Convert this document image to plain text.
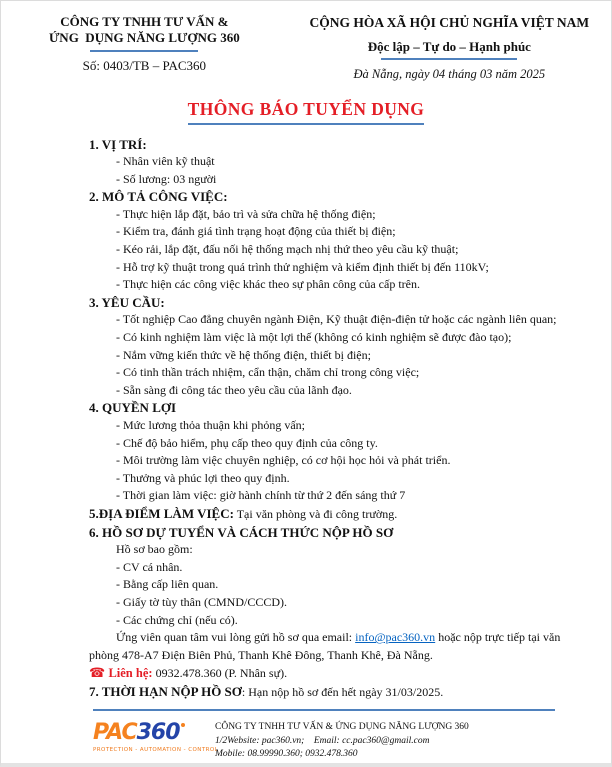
CÔNG TY TNHH TƯ VẤN &
ỨNG  DỤNG NĂNG LƯỢNG 360
Số: 0403/TB – PAC360
CỘNG HÒA XÃ HỘI CHỦ NGHĨA VIỆT NAM
Độc lập – Tự do – Hạnh phúc
Đà Nẵng, ngày 04 tháng 03 năm 2025
THÔNG BÁO TUYỂN DỤNG
1. VỊ TRÍ:
- Nhân viên kỹ thuật
- Số lương: 03 người
2. MÔ TẢ CÔNG VIỆC:
- Thực hiện lắp đặt, bảo trì và sửa chữa hệ thống điện;
- Kiểm tra, đánh giá tình trạng hoạt động của thiết bị điện;
- Kéo rải, lắp đặt, đấu nối hệ thống mạch nhị thứ theo yêu cầu kỹ thuật;
- Hỗ trợ kỹ thuật trong quá trình thử nghiệm và kiểm định thiết bị đến 110kV;
- Thực hiện các công việc khác theo sự phân công của cấp trên.
3. YÊU CẦU:
- Tốt nghiệp Cao đẳng chuyên ngành Điện, Kỹ thuật điện-điện tử hoặc các ngành liên quan;
- Có kinh nghiệm làm việc là một lợi thế (không có kinh nghiệm sẽ được đào tạo);
- Nắm vững kiến thức về hệ thống điện, thiết bị điện;
- Có tinh thần trách nhiệm, cẩn thận, chăm chỉ trong công việc;
- Sẵn sàng đi công tác theo yêu cầu của lãnh đạo.
4. QUYỀN LỢI
- Mức lương thỏa thuận khi phỏng vấn;
- Chế độ bảo hiểm, phụ cấp theo quy định của công ty.
- Môi trường làm việc chuyên nghiệp, có cơ hội học hỏi và phát triển.
- Thưởng và phúc lợi theo quy định.
- Thời gian làm việc: giờ hành chính từ thứ 2 đến sáng thứ 7
5.ĐỊA ĐIỂM LÀM VIỆC: Tại văn phòng và đi công trường.
6. HỒ SƠ DỰ TUYỂN VÀ CÁCH THỨC NỘP HỒ SƠ
Hồ sơ bao gồm:
- CV cá nhân.
- Bằng cấp liên quan.
- Giấy tờ tùy thân (CMND/CCCD).
- Các chứng chỉ (nếu có).
Ứng viên quan tâm vui lòng gửi hồ sơ qua email: info@pac360.vn hoặc nộp trực tiếp tại văn phòng 478-A7 Điện Biên Phủ, Thanh Khê Đông, Thanh Khê, Đà Nẵng.
☎ Liên hệ: 0932.478.360 (P. Nhân sự).
7. THỜI HẠN NỘP HỒ SƠ: Hạn nộp hồ sơ đến hết ngày 31/03/2025.
PAC360
PROTECTION - AUTOMATION - CONTROL
CÔNG TY TNHH TƯ VẤN & ỨNG DỤNG NĂNG LƯỢNG 360
1/2Website: pac360.vn;    Email: cc.pac360@gmail.com
Mobile: 08.99990.360; 0932.478.360
